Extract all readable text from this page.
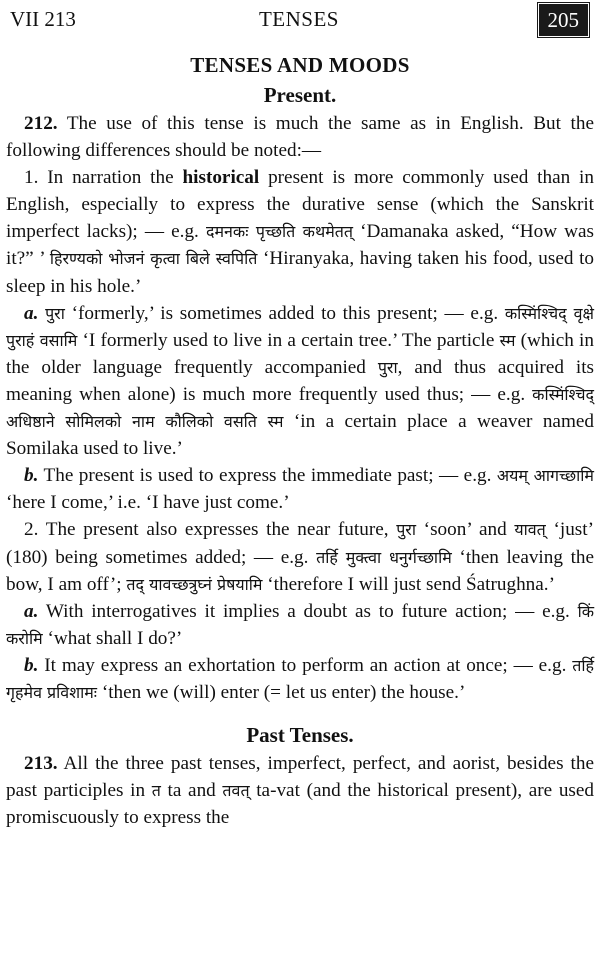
VII 213	TENSES	205

TENSES AND MOODS

Present.

212. The use of this tense is much the same as in English. But the following differences should be noted:—

1. In narration the historical present is more commonly used than in English, especially to express the durative sense (which the Sanskrit imperfect lacks); — e.g. दमनकः पृच्छति कथमेतत् ‘Damanaka asked, “How was it?” ’ हिरण्यको भोजनं कृत्वा बिले स्वपिति ‘Hiranyaka, having taken his food, used to sleep in his hole.’

a. पुरा ‘formerly,’ is sometimes added to this present; — e.g. कस्मिंश्चिद् वृक्षे पुराहं वसामि ‘I formerly used to live in a certain tree.’ The particle स्म (which in the older language frequently accompanied पुरा, and thus acquired its meaning when alone) is much more frequently used thus; — e.g. कस्मिंश्चिद् अधिष्ठाने सोमिलको नाम कौलिको वसति स्म ‘in a certain place a weaver named Somilaka used to live.’

b. The present is used to express the immediate past; — e.g. अयम् आगच्छामि ‘here I come,’ i.e. ‘I have just come.’

2. The present also expresses the near future, पुरा ‘soon’ and यावत् ‘just’ (180) being sometimes added; — e.g. तर्हि मुक्त्वा धनुर्गच्छामि ‘then leaving the bow, I am off’; तद् यावच्छत्रुघ्नं प्रेषयामि ‘therefore I will just send Śatrughna.’

a. With interrogatives it implies a doubt as to future action; — e.g. किं करोमि ‘what shall I do?’

b. It may express an exhortation to perform an action at once; — e.g. तर्हि गृहमेव प्रविशामः ‘then we (will) enter (= let us enter) the house.’

Past Tenses.

213. All the three past tenses, imperfect, perfect, and aorist, besides the past participles in त ta and तवत् ta-vat (and the historical present), are used promiscuously to express the
